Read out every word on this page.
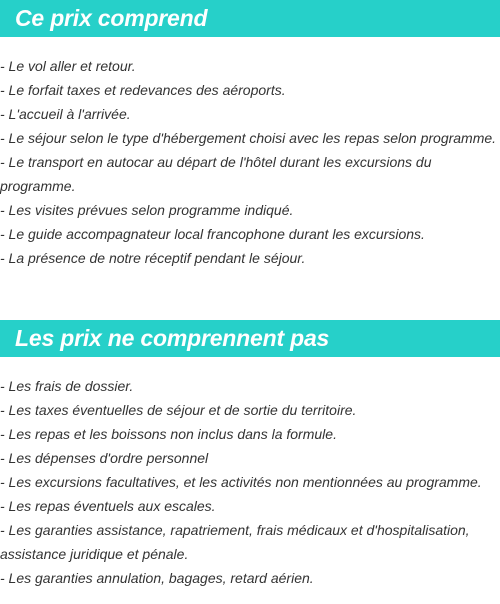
Ce prix comprend
- Le vol aller et retour.
- Le forfait taxes et redevances des aéroports.
- L'accueil à l'arrivée.
- Le séjour selon le type d'hébergement choisi avec les repas selon programme.
- Le transport en autocar au départ de l'hôtel durant les excursions du programme.
- Les visites prévues selon programme indiqué.
- Le guide accompagnateur local francophone durant les excursions.
- La présence de notre réceptif pendant le séjour.
Les prix ne comprennent pas
- Les frais de dossier.
- Les taxes éventuelles de séjour et de sortie du territoire.
- Les repas et les boissons non inclus dans la formule.
- Les dépenses d'ordre personnel
- Les excursions facultatives, et les activités non mentionnées au programme.
- Les repas éventuels aux escales.
- Les garanties assistance, rapatriement, frais médicaux et d'hospitalisation, assistance juridique et pénale.
- Les garanties annulation, bagages, retard aérien.
